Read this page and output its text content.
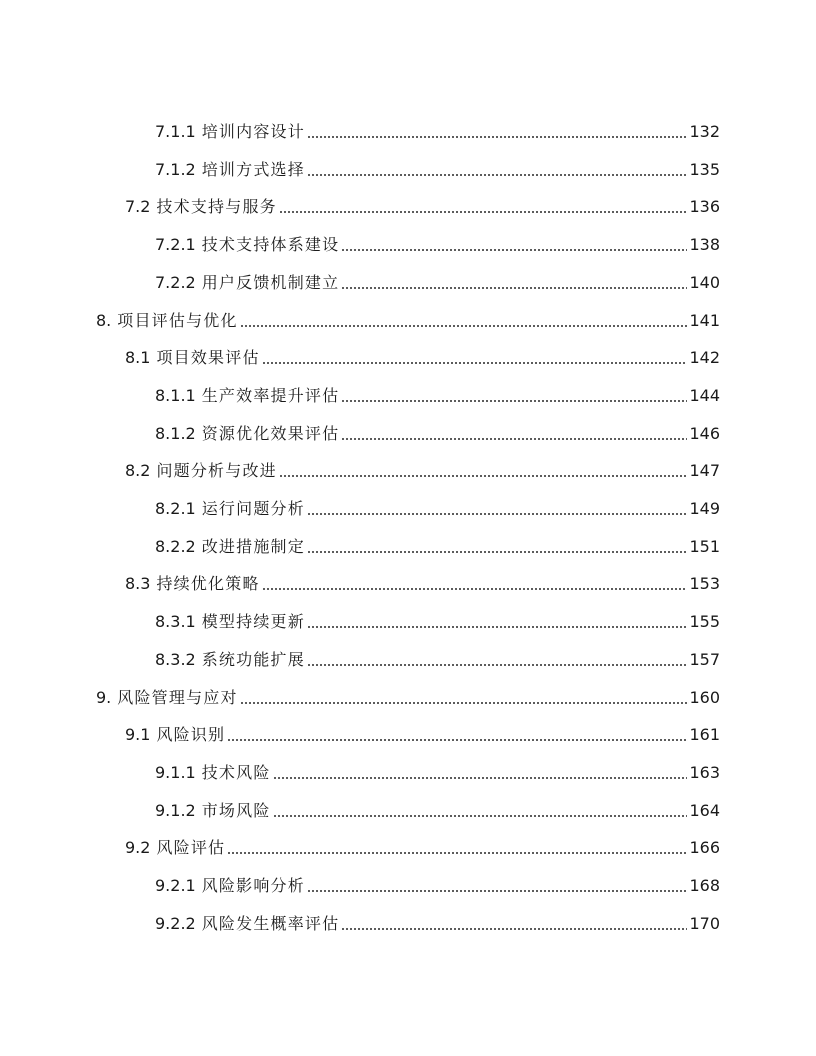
7.1.1 培训内容设计	132
7.1.2 培训方式选择	135
7.2 技术支持与服务	136
7.2.1 技术支持体系建设	138
7.2.2 用户反馈机制建立	140
8. 项目评估与优化	141
8.1 项目效果评估	142
8.1.1 生产效率提升评估	144
8.1.2 资源优化效果评估	146
8.2 问题分析与改进	147
8.2.1 运行问题分析	149
8.2.2 改进措施制定	151
8.3 持续优化策略	153
8.3.1 模型持续更新	155
8.3.2 系统功能扩展	157
9. 风险管理与应对	160
9.1 风险识别	161
9.1.1 技术风险	163
9.1.2 市场风险	164
9.2 风险评估	166
9.2.1 风险影响分析	168
9.2.2 风险发生概率评估	170
